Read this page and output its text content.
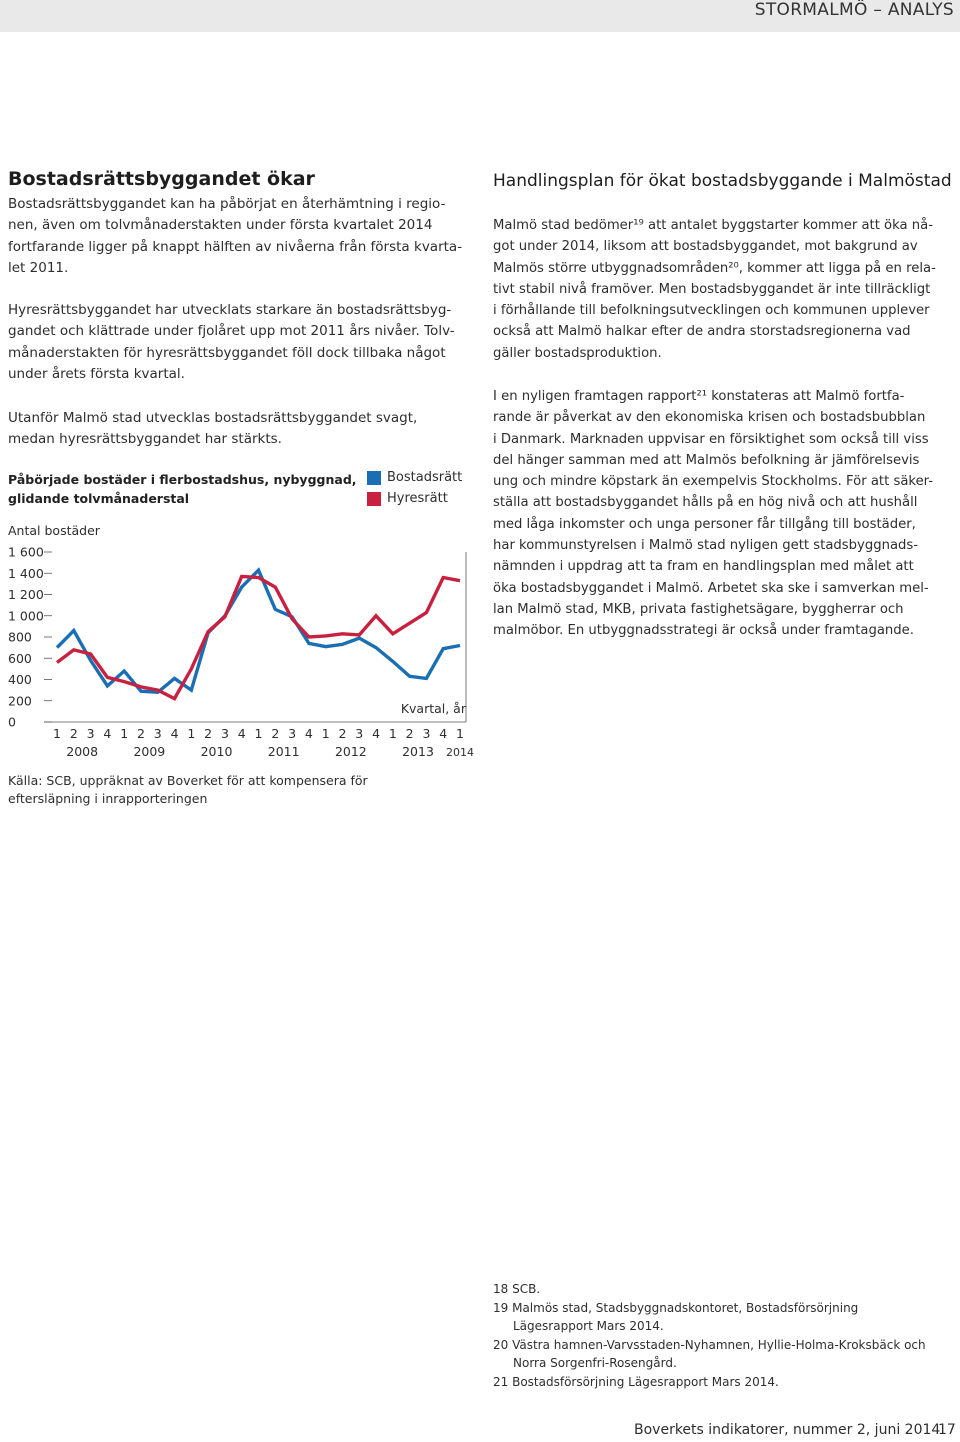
STORMALMÖ – ANALYS
Bostadsrättsbyggandet ökar
Bostadsrättsbyggandet kan ha påbörjat en återhämtning i regio-
nen, även om tolvmånaderstakten under första kvartalet 2014
fortfarande ligger på knappt hälften av nivåerna från första kvarta-
let 2011.
Hyresrättsbyggandet har utvecklats starkare än bostadsrättsbyg-
gandet och klättrade under fjolåret upp mot 2011 års nivåer. Tolv-
månaderstakten för hyresrättsbyggandet föll dock tillbaka något
under årets första kvartal.
Utanför Malmö stad utvecklas bostadsrättsbyggandet svagt,
medan hyresrättsbyggandet har stärkts.
Påbörjade bostäder i flerbostadshus, nybyggnad,
glidande tolvmånaderstal
Bostadsrätt
Hyresrätt
Antal bostäder
0
200
400
600
800
1 000
1 200
1 400
1 600
1 2 3 4 1 2 3 4 1 2 3 4 1 2 3 4 1 2 3 4 1 2 3 4 1
2008	2009	2010	2011	2012	2013 2014
Kvartal, år
Källa: SCB, uppräknat av Boverket för att kompensera för
eftersläpning i inrapporteringen
Handlingsplan för ökat bostadsbyggande i Malmöstad
Malmö stad bedömer¹⁹ att antalet byggstarter kommer att öka nå-
got under 2014, liksom att bostadsbyggandet, mot bakgrund av
Malmös större utbyggnadsområden²⁰, kommer att ligga på en rela-
tivt stabil nivå framöver. Men bostadsbyggandet är inte tillräckligt
i förhållande till befolkningsutvecklingen och kommunen upplever
också att Malmö halkar efter de andra storstadsregionerna vad
gäller bostadsproduktion.
I en nyligen framtagen rapport²¹ konstateras att Malmö fortfa-
rande är påverkat av den ekonomiska krisen och bostadsbubblan
i Danmark. Marknaden uppvisar en försiktighet som också till viss
del hänger samman med att Malmös befolkning är jämförelsevis
ung och mindre köpstark än exempelvis Stockholms. För att säker-
ställa att bostadsbyggandet hålls på en hög nivå och att hushåll
med låga inkomster och unga personer får tillgång till bostäder,
har kommunstyrelsen i Malmö stad nyligen gett stadsbyggnads-
nämnden i uppdrag att ta fram en handlingsplan med målet att
öka bostadsbyggandet i Malmö. Arbetet ska ske i samverkan mel-
lan Malmö stad, MKB, privata fastighetsägare, byggherrar och
malmöbor. En utbyggnadsstrategi är också under framtagande.
18 SCB.
19 Malmös stad, Stadsbyggnadskontoret, Bostadsförsörjning
Lägesrapport Mars 2014.
20 Västra hamnen-Varvsstaden-Nyhamnen, Hyllie-Holma-Kroksbäck och
Norra Sorgenfri-Rosengård.
21 Bostadsförsörjning Lägesrapport Mars 2014.
Boverkets indikatorer, nummer 2, juni 2014
17
